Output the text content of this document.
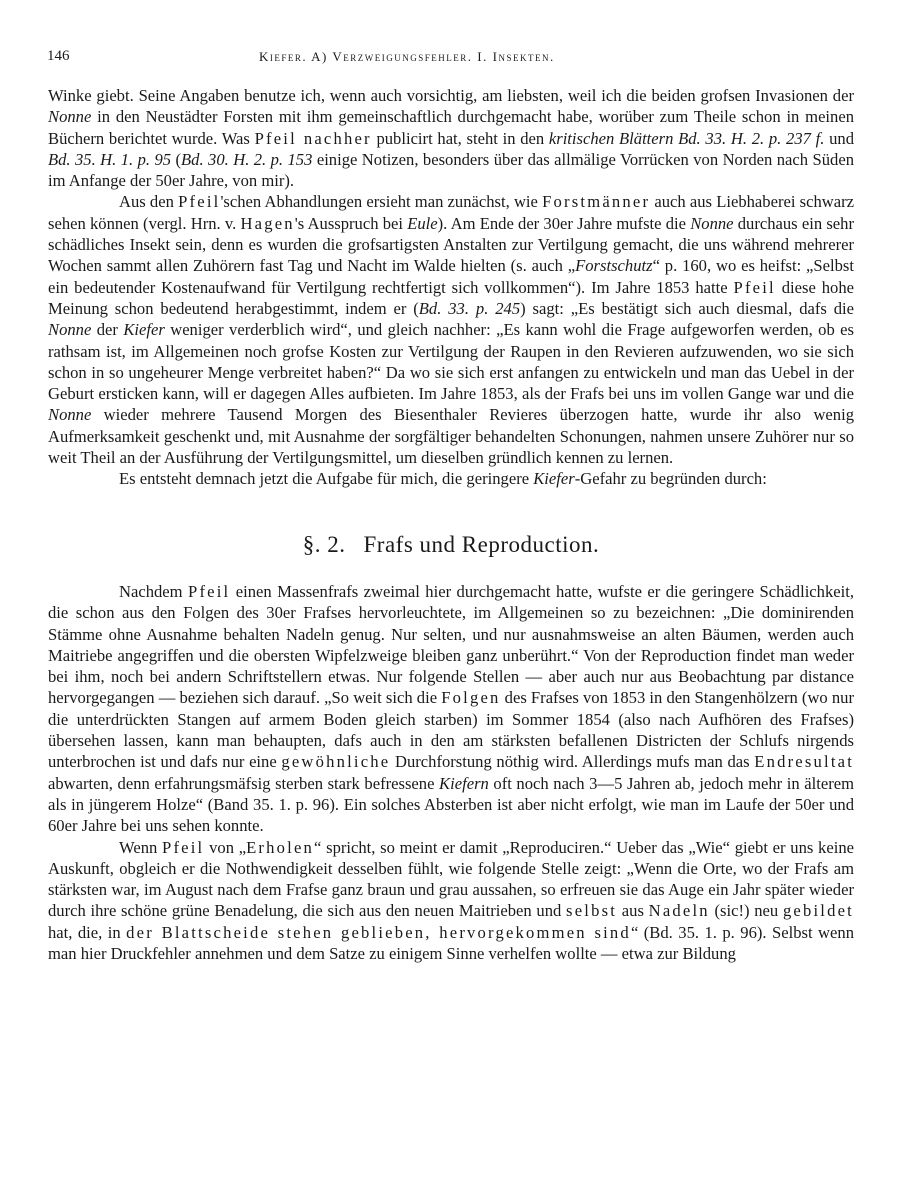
146	Kiefer. A) Verzweigungsfehler. I. Insekten.

Winke giebt. Seine Angaben benutze ich, wenn auch vorsichtig, am liebsten, weil ich die beiden grofsen Invasionen der Nonne in den Neustädter Forsten mit ihm gemeinschaftlich durchgemacht habe, worüber zum Theile schon in meinen Büchern berichtet wurde. Was Pfeil nachher publicirt hat, steht in den kritischen Blättern Bd. 33. H. 2. p. 237 f. und Bd. 35. H. 1. p. 95 (Bd. 30. H. 2. p. 153 einige Notizen, besonders über das allmälige Vorrücken von Norden nach Süden im Anfange der 50er Jahre, von mir).

Aus den Pfeil'schen Abhandlungen ersieht man zunächst, wie Forstmänner auch aus Liebhaberei schwarz sehen können (vergl. Hrn. v. Hagen's Ausspruch bei Eule). Am Ende der 30er Jahre mufste die Nonne durchaus ein sehr schädliches Insekt sein, denn es wurden die grofsartigsten Anstalten zur Vertilgung gemacht, die uns während mehrerer Wochen sammt allen Zuhörern fast Tag und Nacht im Walde hielten (s. auch „Forstschutz“ p. 160, wo es heifst: „Selbst ein bedeutender Kostenaufwand für Vertilgung rechtfertigt sich vollkommen“). Im Jahre 1853 hatte Pfeil diese hohe Meinung schon bedeutend herabgestimmt, indem er (Bd. 33. p. 245) sagt: „Es bestätigt sich auch diesmal, dafs die Nonne der Kiefer weniger verderblich wird“, und gleich nachher: „Es kann wohl die Frage aufgeworfen werden, ob es rathsam ist, im Allgemeinen noch grofse Kosten zur Vertilgung der Raupen in den Revieren aufzuwenden, wo sie sich schon in so ungeheurer Menge verbreitet haben?“ Da wo sie sich erst anfangen zu entwickeln und man das Uebel in der Geburt ersticken kann, will er dagegen Alles aufbieten. Im Jahre 1853, als der Frafs bei uns im vollen Gange war und die Nonne wieder mehrere Tausend Morgen des Biesenthaler Revieres überzogen hatte, wurde ihr also wenig Aufmerksamkeit geschenkt und, mit Ausnahme der sorgfältiger behandelten Schonungen, nahmen unsere Zuhörer nur so weit Theil an der Ausführung der Vertilgungsmittel, um dieselben gründlich kennen zu lernen.

Es entsteht demnach jetzt die Aufgabe für mich, die geringere Kiefer-Gefahr zu begründen durch:

§. 2. Frafs und Reproduction.

Nachdem Pfeil einen Massenfrafs zweimal hier durchgemacht hatte, wufste er die geringere Schädlichkeit, die schon aus den Folgen des 30er Frafses hervorleuchtete, im Allgemeinen so zu bezeichnen: „Die dominirenden Stämme ohne Ausnahme behalten Nadeln genug. Nur selten, und nur ausnahmsweise an alten Bäumen, werden auch Maitriebe angegriffen und die obersten Wipfelzweige bleiben ganz unberührt.“ Von der Reproduction findet man weder bei ihm, noch bei andern Schriftstellern etwas. Nur folgende Stellen — aber auch nur aus Beobachtung par distance hervorgegangen — beziehen sich darauf. „So weit sich die Folgen des Frafses von 1853 in den Stangenhölzern (wo nur die unterdrückten Stangen auf armem Boden gleich starben) im Sommer 1854 (also nach Aufhören des Frafses) übersehen lassen, kann man behaupten, dafs auch in den am stärksten befallenen Districten der Schlufs nirgends unterbrochen ist und dafs nur eine gewöhnliche Durchforstung nöthig wird. Allerdings mufs man das Endresultat abwarten, denn erfahrungsmäfsig sterben stark befressene Kiefern oft noch nach 3—5 Jahren ab, jedoch mehr in älterem als in jüngerem Holze“ (Band 35. 1. p. 96). Ein solches Absterben ist aber nicht erfolgt, wie man im Laufe der 50er und 60er Jahre bei uns sehen konnte.

Wenn Pfeil von „Erholen“ spricht, so meint er damit „Reproduciren.“ Ueber das „Wie“ giebt er uns keine Auskunft, obgleich er die Nothwendigkeit desselben fühlt, wie folgende Stelle zeigt: „Wenn die Orte, wo der Frafs am stärksten war, im August nach dem Frafse ganz braun und grau aussahen, so erfreuen sie das Auge ein Jahr später wieder durch ihre schöne grüne Benadelung, die sich aus den neuen Maitrieben und selbst aus Nadeln (sic!) neu gebildet hat, die, in der Blattscheide stehen geblieben, hervorgekommen sind“ (Bd. 35. 1. p. 96). Selbst wenn man hier Druckfehler annehmen und dem Satze zu einigem Sinne verhelfen wollte — etwa zur Bildung
